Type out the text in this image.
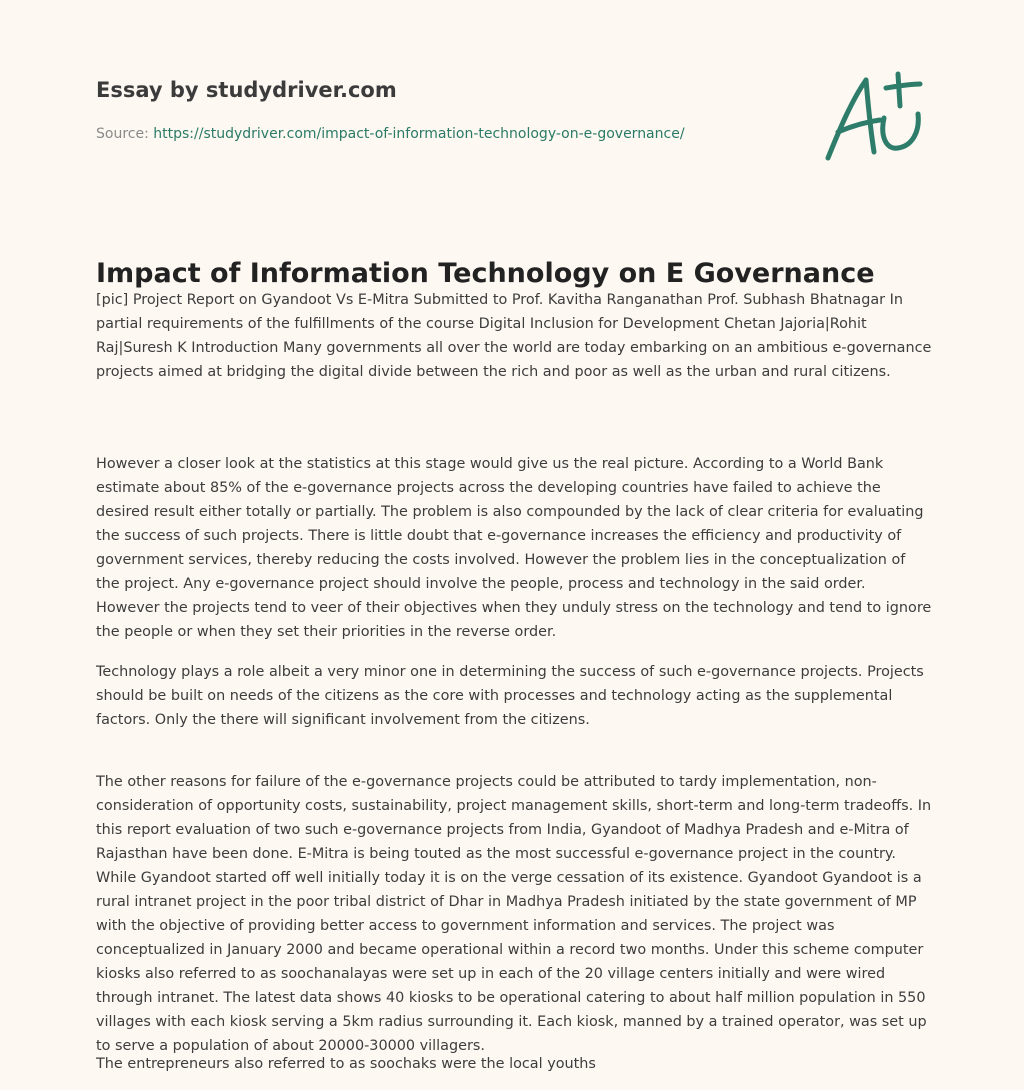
Essay by studydriver.com
Source: https://studydriver.com/impact-of-information-technology-on-e-governance/
Impact of Information Technology on E Governance

[pic] Project Report on Gyandoot Vs E-Mitra Submitted to Prof. Kavitha Ranganathan Prof. Subhash Bhatnagar In partial requirements of the fulfillments of the course Digital Inclusion for Development Chetan Jajoria|Rohit Raj|Suresh K Introduction Many governments all over the world are today embarking on an ambitious e-governance projects aimed at bridging the digital divide between the rich and poor as well as the urban and rural citizens.

However a closer look at the statistics at this stage would give us the real picture. According to a World Bank estimate about 85% of the e-governance projects across the developing countries have failed to achieve the desired result either totally or partially. The problem is also compounded by the lack of clear criteria for evaluating the success of such projects. There is little doubt that e-governance increases the efficiency and productivity of government services, thereby reducing the costs involved. However the problem lies in the conceptualization of the project. Any e-governance project should involve the people, process and technology in the said order. However the projects tend to veer of their objectives when they unduly stress on the technology and tend to ignore the people or when they set their priorities in the reverse order.

Technology plays a role albeit a very minor one in determining the success of such e-governance projects. Projects should be built on needs of the citizens as the core with processes and technology acting as the supplemental factors. Only the there will significant involvement from the citizens.

The other reasons for failure of the e-governance projects could be attributed to tardy implementation, non-consideration of opportunity costs, sustainability, project management skills, short-term and long-term tradeoffs. In this report evaluation of two such e-governance projects from India, Gyandoot of Madhya Pradesh and e-Mitra of Rajasthan have been done. E-Mitra is being touted as the most successful e-governance project in the country. While Gyandoot started off well initially today it is on the verge cessation of its existence. Gyandoot Gyandoot is a rural intranet project in the poor tribal district of Dhar in Madhya Pradesh initiated by the state government of MP with the objective of providing better access to government information and services. The project was conceptualized in January 2000 and became operational within a record two months. Under this scheme computer kiosks also referred to as soochanalayas were set up in each of the 20 village centers initially and were wired through intranet. The latest data shows 40 kiosks to be operational catering to about half million population in 550 villages with each kiosk serving a 5km radius surrounding it. Each kiosk, manned by a trained operator, was set up to serve a population of about 20000-30000 villagers.

The entrepreneurs also referred to as soochaks were the local youths
